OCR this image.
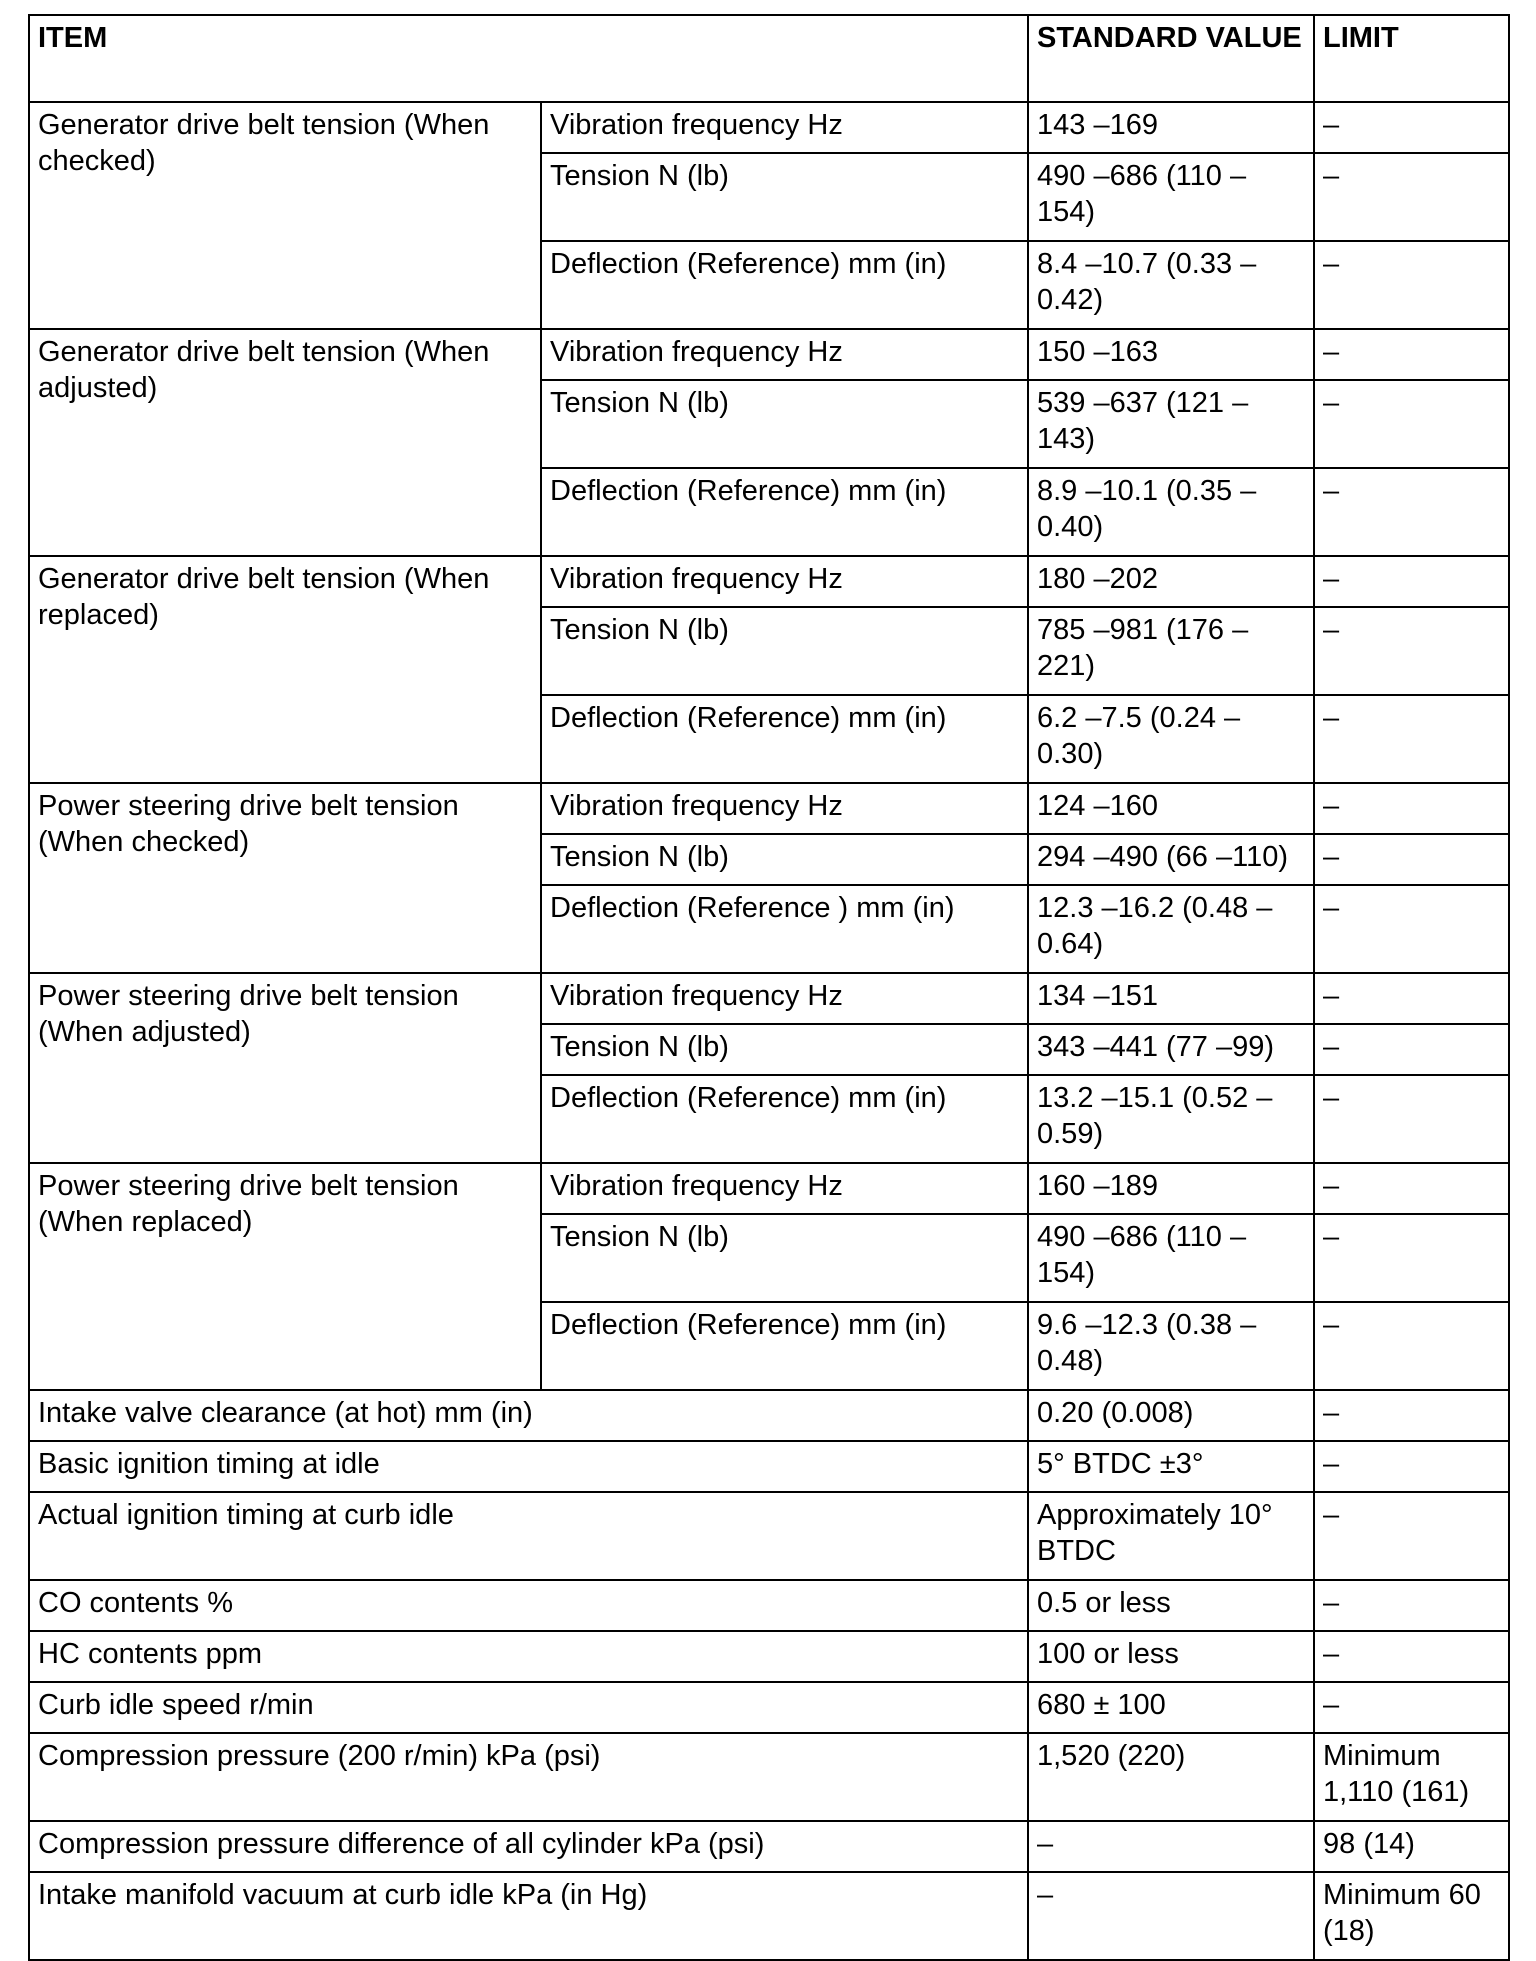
ITEM		STANDARD VALUE	LIMIT
Generator drive belt tension (When checked)	Vibration frequency Hz	143 –169	–
	Tension N (lb)	490 –686 (110 – 154)	–
	Deflection (Reference) mm (in)	8.4 –10.7 (0.33 – 0.42)	–
Generator drive belt tension (When adjusted)	Vibration frequency Hz	150 –163	–
	Tension N (lb)	539 –637 (121 – 143)	–
	Deflection (Reference) mm (in)	8.9 –10.1 (0.35 – 0.40)	–
Generator drive belt tension (When replaced)	Vibration frequency Hz	180 –202	–
	Tension N (lb)	785 –981 (176 – 221)	–
	Deflection (Reference) mm (in)	6.2 –7.5 (0.24 – 0.30)	–
Power steering drive belt tension (When checked)	Vibration frequency Hz	124 –160	–
	Tension N (lb)	294 –490 (66 –110)	–
	Deflection (Reference ) mm (in)	12.3 –16.2 (0.48 – 0.64)	–
Power steering drive belt tension (When adjusted)	Vibration frequency Hz	134 –151	–
	Tension N (lb)	343 –441 (77 –99)	–
	Deflection (Reference) mm (in)	13.2 –15.1 (0.52 – 0.59)	–
Power steering drive belt tension (When replaced)	Vibration frequency Hz	160 –189	–
	Tension N (lb)	490 –686 (110 – 154)	–
	Deflection (Reference) mm (in)	9.6 –12.3 (0.38 – 0.48)	–
Intake valve clearance (at hot) mm (in)		0.20 (0.008)	–
Basic ignition timing at idle		5° BTDC ±3°	–
Actual ignition timing at curb idle		Approximately 10° BTDC	–
CO contents %		0.5 or less	–
HC contents ppm		100 or less	–
Curb idle speed r/min		680 ± 100	–
Compression pressure (200 r/min) kPa (psi)		1,520 (220)	Minimum 1,110 (161)
Compression pressure difference of all cylinder kPa (psi)		–	98 (14)
Intake manifold vacuum at curb idle kPa (in Hg)		–	Minimum 60 (18)
